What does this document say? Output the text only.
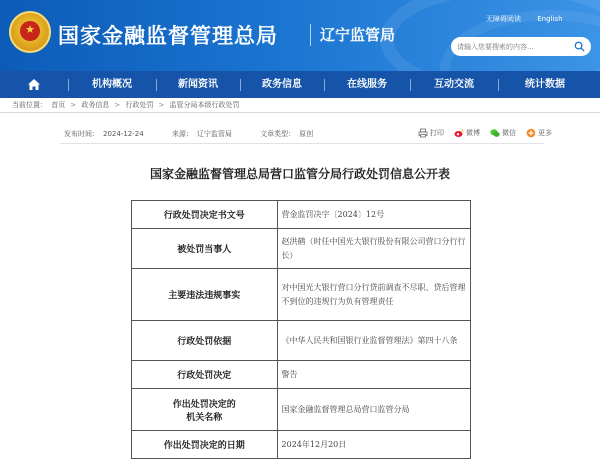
★ 国家金融监督管理总局	辽宁监管局
无障碍阅读 English
请输入您要搜索的内容...
机构概况	新闻资讯	政务信息	在线服务	互动交流	统计数据
当前位置： 首页 > 政务信息 > 行政处罚 > 监管分局本级行政处罚
发布时间： 2024-12-24	来源： 辽宁监管局	文章类型： 原创	打印	微博	微信	更多
国家金融监督管理总局营口监管分局行政处罚信息公开表
行政处罚决定书文号	营金监罚决字〔2024〕12号
被处罚当事人	赵洪鹤（时任中国光大银行股份有限公司营口分行行长）
主要违法违规事实	对中国光大银行营口分行贷前调查不尽职、贷后管理不到位的违规行为负有管理责任
行政处罚依据	《中华人民共和国银行业监督管理法》第四十八条
行政处罚决定	警告

作出处罚决定的
机关名称	国家金融监督管理总局营口监管分局
作出处罚决定的日期	2024年12月20日
